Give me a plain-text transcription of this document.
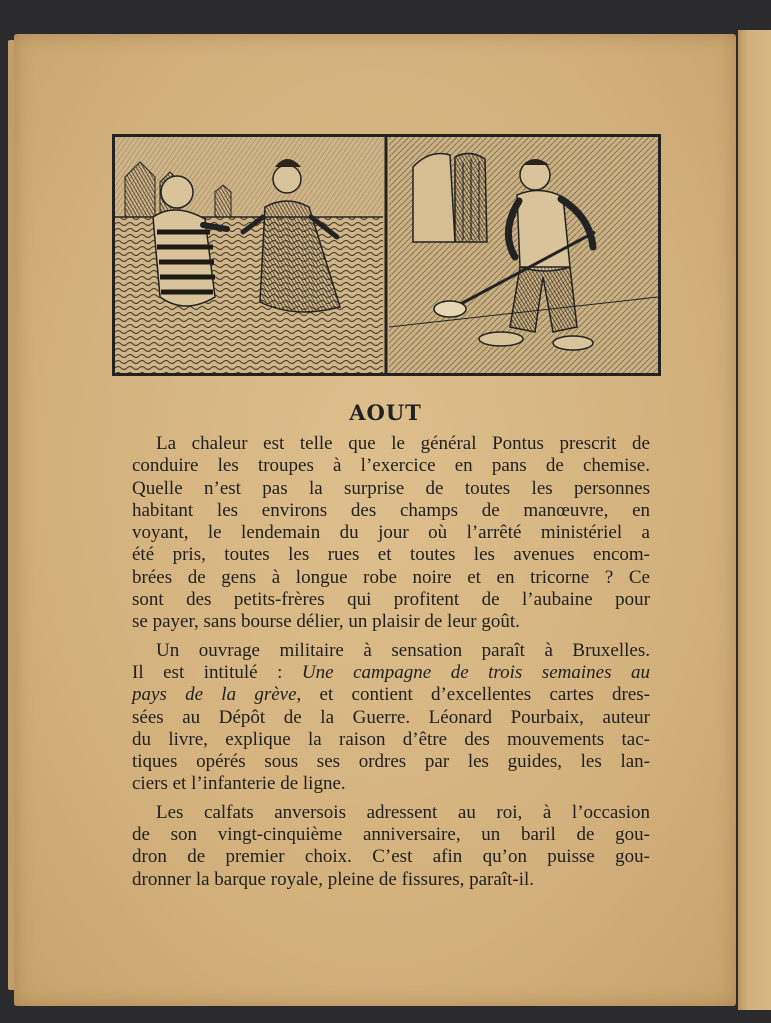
AOUT
La chaleur est telle que le général Pontus prescrit de
conduire les troupes à l’exercice en pans de chemise.
Quelle n’est pas la surprise de toutes les personnes
habitant les environs des champs de manœuvre, en
voyant, le lendemain du jour où l’arrêté ministériel a
été pris, toutes les rues et toutes les avenues encom-
brées de gens à longue robe noire et en tricorne ? Ce
sont des petits-frères qui profitent de l’aubaine pour
se payer, sans bourse délier, un plaisir de leur goût.
Un ouvrage militaire à sensation paraît à Bruxelles.
Il est intitulé : Une campagne de trois semaines au
pays de la grève, et contient d’excellentes cartes dres-
sées au Dépôt de la Guerre. Léonard Pourbaix, auteur
du livre, explique la raison d’être des mouvements tac-
tiques opérés sous ses ordres par les guides, les lan-
ciers et l’infanterie de ligne.
Les calfats anversois adressent au roi, à l’occasion
de son vingt-cinquième anniversaire, un baril de gou-
dron de premier choix. C’est afin qu’on puisse gou-
dronner la barque royale, pleine de fissures, paraît-il.
